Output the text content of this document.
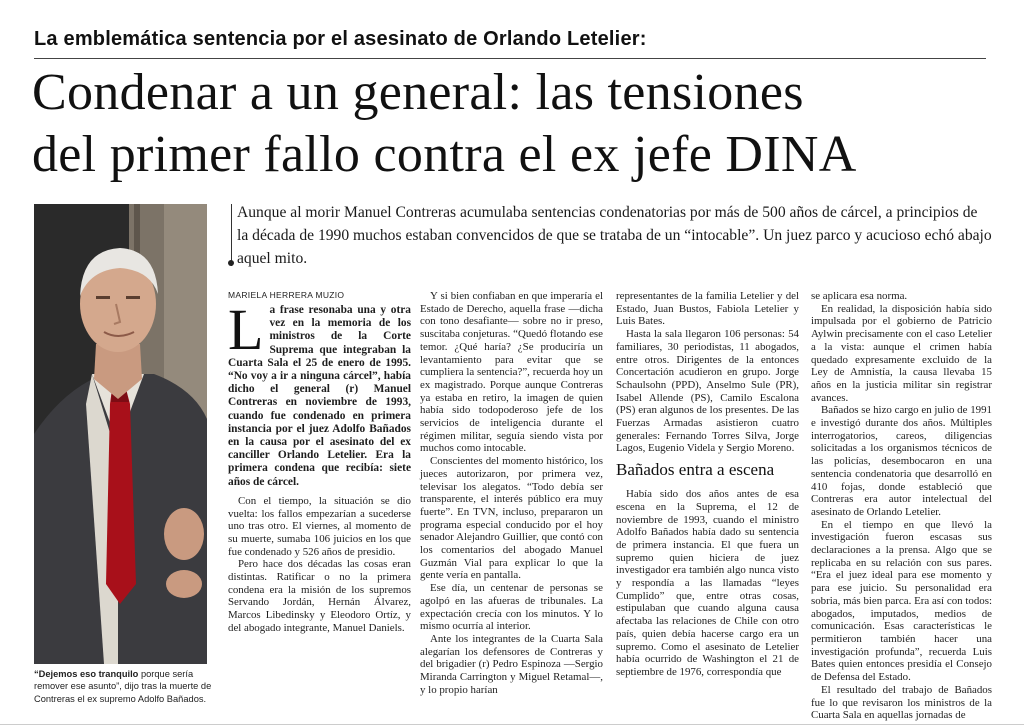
La emblemática sentencia por el asesinato de Orlando Letelier:
Condenar a un general: las tensiones
del primer fallo contra el ex jefe DINA
“Dejemos eso tranquilo porque sería remover ese asunto”, dijo tras la muerte de Contreras el ex supremo Adolfo Bañados.
Aunque al morir Manuel Contreras acumulaba sentencias condenatorias por más de 500 años de cárcel, a principios de la década de 1990 muchos estaban convencidos de que se trataba de un “intocable”. Un juez parco y acucioso echó abajo aquel mito.
MARIELA HERRERA MUZIO

La frase resonaba una y otra vez en la memoria de los ministros de la Corte Suprema que integraban la Cuarta Sala el 25 de enero de 1995. “No voy a ir a ninguna cárcel”, había dicho el general (r) Manuel Contreras en noviembre de 1993, cuando fue condenado en primera instancia por el juez Adolfo Bañados en la causa por el asesinato del ex canciller Orlando Letelier. Era la primera condena que recibía: siete años de cárcel.

Con el tiempo, la situación se dio vuelta: los fallos empezarían a sucederse uno tras otro. El viernes, al momento de su muerte, sumaba 106 juicios en los que fue condenado y 526 años de presidio.

Pero hace dos décadas las cosas eran distintas. Ratificar o no la primera condena era la misión de los supremos Servando Jordán, Hernán Álvarez, Marcos Libedinsky y Eleodoro Ortíz, y del abogado integrante, Manuel Daniels.

Y si bien confiaban en que imperaría el Estado de Derecho, aquella frase —dicha con tono desafiante— sobre no ir preso, suscitaba conjeturas. “Quedó flotando ese temor. ¿Qué haría? ¿Se produciría un levantamiento para evitar que se cumpliera la sentencia?”, recuerda hoy un ex magistrado. Porque aunque Contreras ya estaba en retiro, la imagen de quien había sido todopoderoso jefe de los servicios de inteligencia durante el régimen militar, seguía siendo vista por muchos como intocable.

Conscientes del momento histórico, los jueces autorizaron, por primera vez, televisar los alegatos. “Todo debía ser transparente, el interés público era muy fuerte”. En TVN, incluso, prepararon un programa especial conducido por el hoy senador Alejandro Guillier, que contó con los comentarios del abogado Manuel Guzmán Vial para explicar lo que la gente vería en pantalla.

Ese día, un centenar de personas se agolpó en las afueras de tribunales. La expectación crecía con los minutos. Y lo mismo ocurría al interior.

Ante los integrantes de la Cuarta Sala alegarían los defensores de Contreras y del brigadier (r) Pedro Espinoza —Sergio Miranda Carrington y Miguel Retamal—, y lo propio harían

representantes de la familia Letelier y del Estado, Juan Bustos, Fabiola Letelier y Luis Bates.

Hasta la sala llegaron 106 personas: 54 familiares, 30 periodistas, 11 abogados, entre otros. Dirigentes de la entonces Concertación acudieron en grupo. Jorge Schaulsohn (PPD), Anselmo Sule (PR), Isabel Allende (PS), Camilo Escalona (PS) eran algunos de los presentes. De las Fuerzas Armadas asistieron cuatro generales: Fernando Torres Silva, Jorge Lagos, Eugenio Videla y Sergio Moreno.

Bañados entra a escena

Había sido dos años antes de esa escena en la Suprema, el 12 de noviembre de 1993, cuando el ministro Adolfo Bañados había dado su sentencia de primera instancia. El que fuera un supremo quien hiciera de juez investigador era también algo nunca visto y respondía a las llamadas “leyes Cumplido” que, entre otras cosas, estipulaban que cuando alguna causa afectaba las relaciones de Chile con otro país, quien debía hacerse cargo era un supremo. Como el asesinato de Letelier había ocurrido de Washington el 21 de septiembre de 1976, correspondía que

se aplicara esa norma.

En realidad, la disposición había sido impulsada por el gobierno de Patricio Aylwin precisamente con el caso Letelier a la vista: aunque el crimen había quedado expresamente excluido de la Ley de Amnistía, la causa llevaba 15 años en la justicia militar sin registrar avances.

Bañados se hizo cargo en julio de 1991 e investigó durante dos años. Múltiples interrogatorios, careos, diligencias solicitadas a los organismos técnicos de las policías, desembocaron en una sentencia condenatoria que desarrolló en 410 fojas, donde estableció que Contreras era autor intelectual del asesinato de Orlando Letelier.

En el tiempo en que llevó la investigación fueron escasas sus declaraciones a la prensa. Algo que se replicaba en su relación con sus pares. “Era el juez ideal para ese momento y para ese juicio. Su personalidad era sobria, más bien parca. Era así con todos: abogados, imputados, medios de comunicación. Esas características le permitieron también hacer una investigación profunda”, recuerda Luis Bates quien entonces presidía el Consejo de Defensa del Estado.

El resultado del trabajo de Bañados fue lo que revisaron los ministros de la Cuarta Sala en aquellas jornadas de
